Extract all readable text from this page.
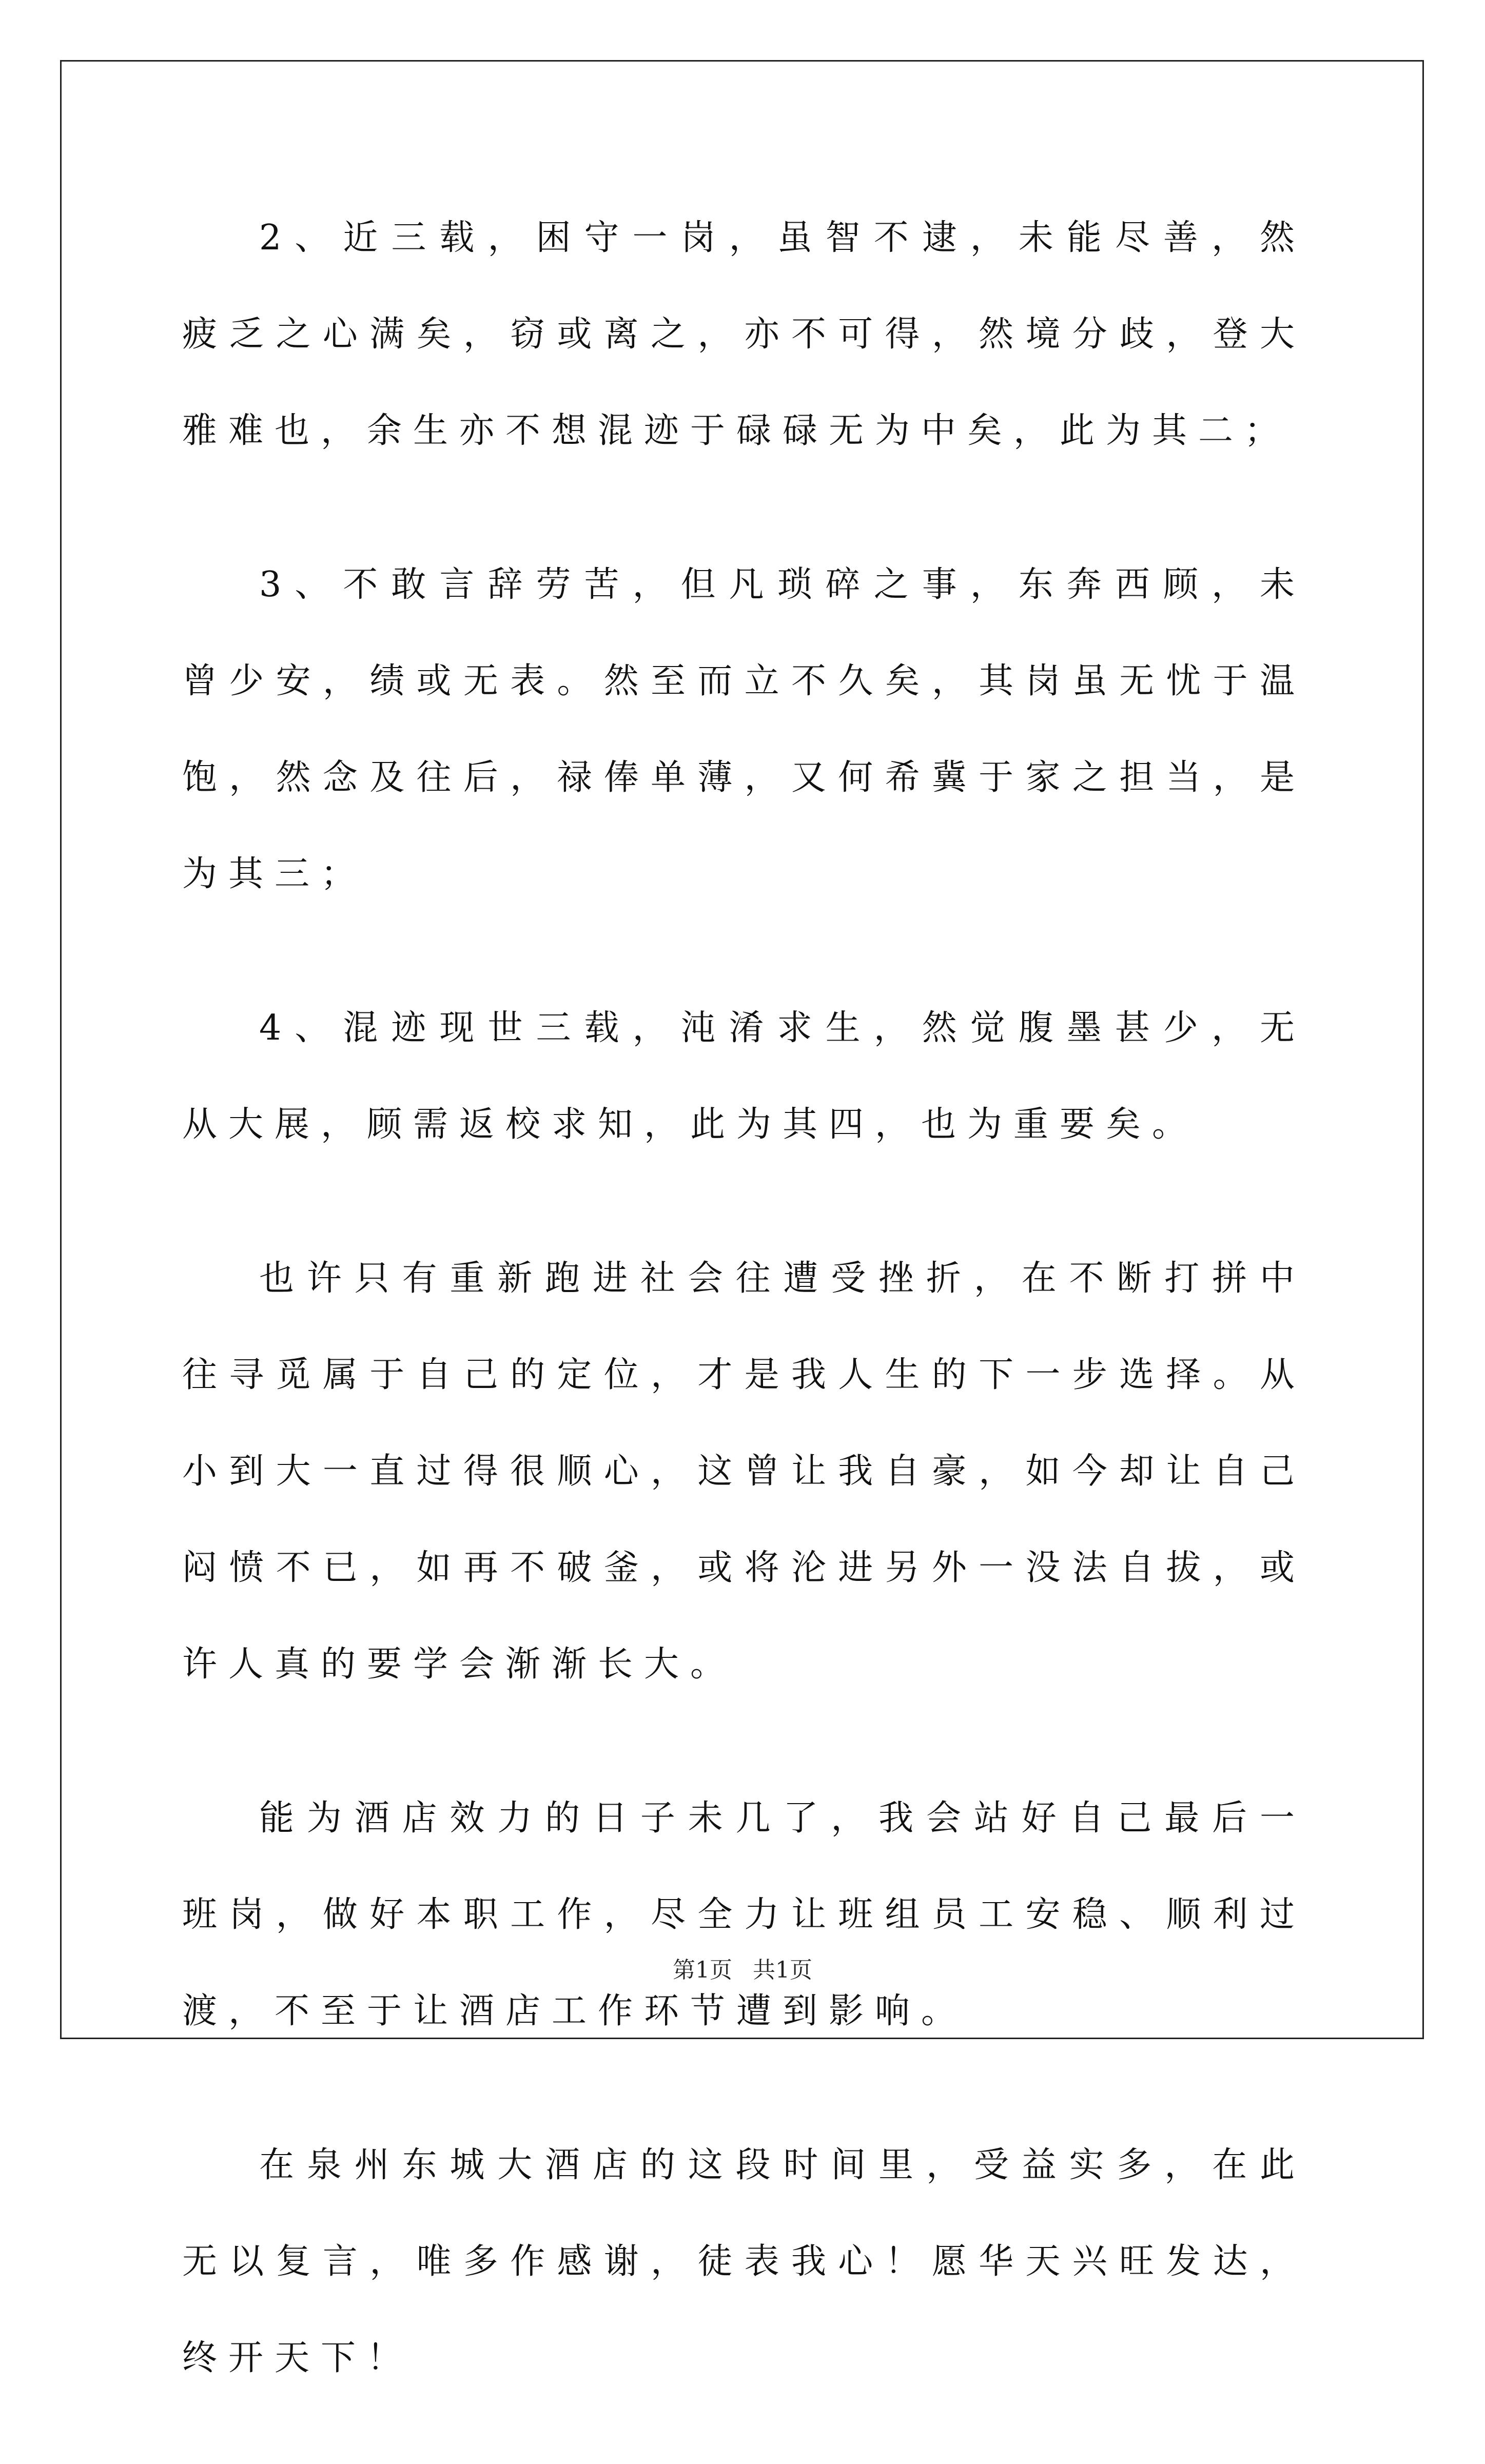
2、近三载，困守一岗，虽智不逮，未能尽善，然疲乏之心满矣，窃或离之，亦不可得，然境分歧，登大雅难也，余生亦不想混迹于碌碌无为中矣，此为其二；

3、不敢言辞劳苦，但凡琐碎之事，东奔西顾，未曾少安，绩或无表。然至而立不久矣，其岗虽无忧于温饱，然念及往后，禄俸单薄，又何希冀于家之担当，是为其三；

4、混迹现世三载，沌淆求生，然觉腹墨甚少，无从大展，顾需返校求知，此为其四，也为重要矣。

也许只有重新跑进社会往遭受挫折，在不断打拼中往寻觅属于自己的定位，才是我人生的下一步选择。从小到大一直过得很顺心，这曾让我自豪，如今却让自己闷愤不已，如再不破釜，或将沦进另外一没法自拔，或许人真的要学会渐渐长大。

能为酒店效力的日子未几了，我会站好自己最后一班岗，做好本职工作，尽全力让班组员工安稳、顺利过渡，不至于让酒店工作环节遭到影响。

在泉州东城大酒店的这段时间里，受益实多，在此无以复言，唯多作感谢，徒表我心！愿华天兴旺发达，终开天下！

第1页 共1页
